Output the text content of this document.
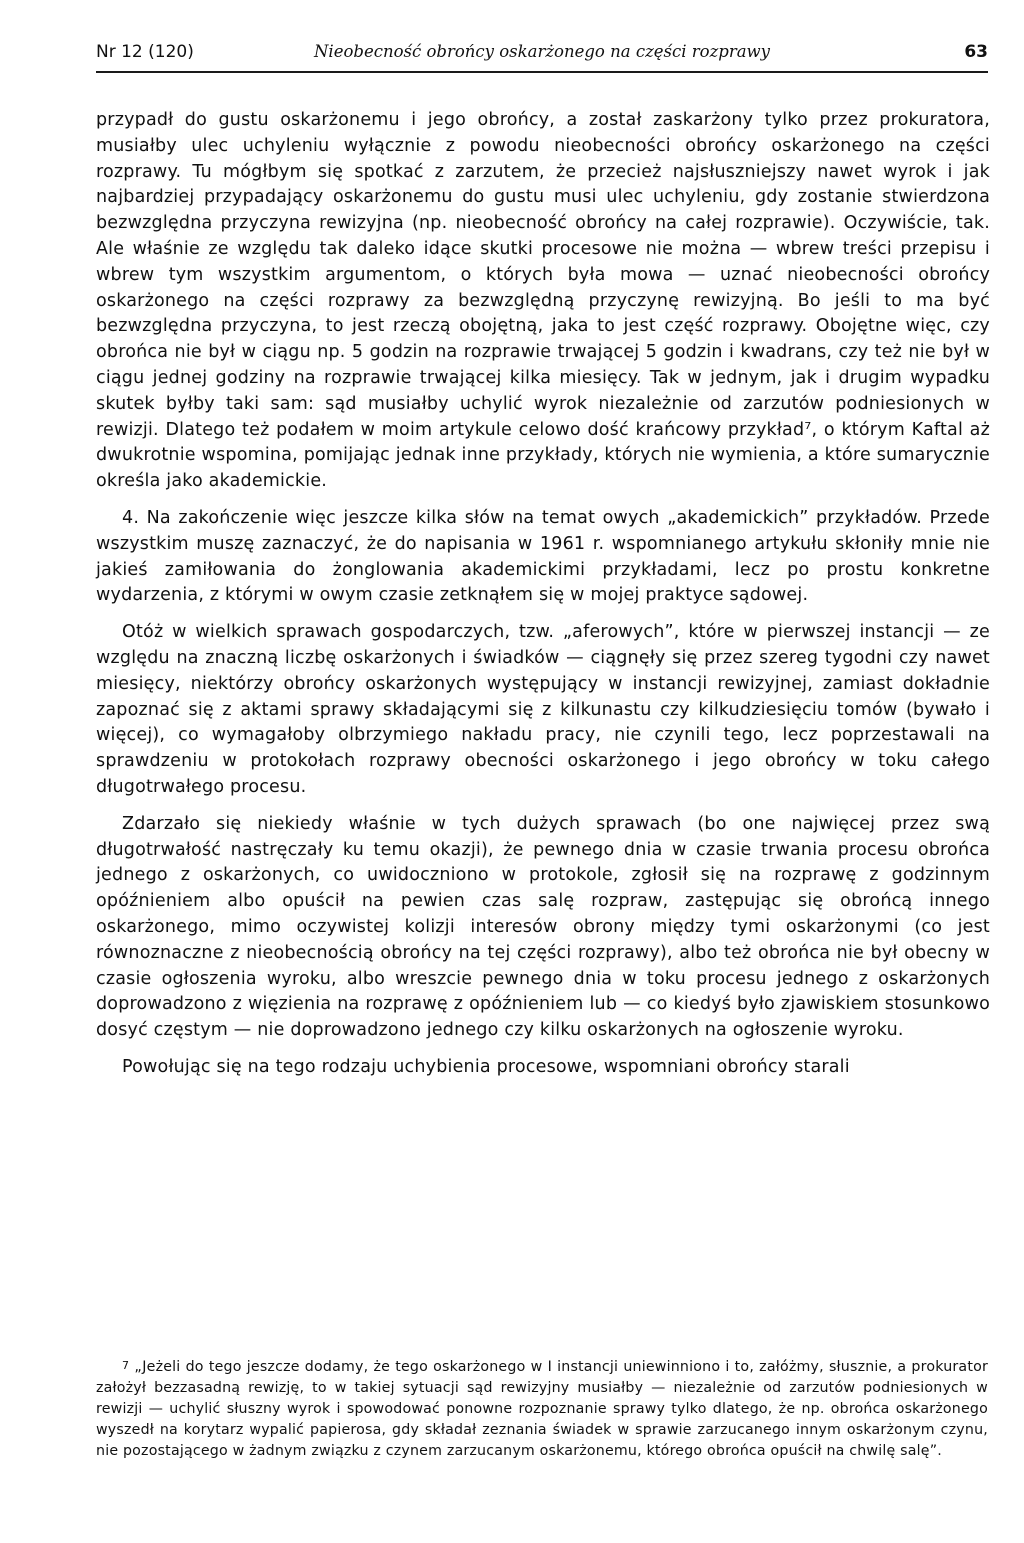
Nr 12 (120)	Nieobecność obrońcy oskarżonego na części rozprawy	63

przypadł do gustu oskarżonemu i jego obrońcy, a został zaskarżony tylko przez prokuratora, musiałby ulec uchyleniu wyłącznie z powodu nieobecności obrońcy oskarżonego na części rozprawy. Tu mógłbym się spotkać z zarzutem, że przecież najsłuszniejszy nawet wyrok i jak najbardziej przypadający oskarżonemu do gustu musi ulec uchyleniu, gdy zostanie stwierdzona bezwzględna przyczyna rewizyjna (np. nieobecność obrońcy na całej rozprawie). Oczywiście, tak. Ale właśnie ze względu tak daleko idące skutki procesowe nie można — wbrew treści przepisu i wbrew tym wszystkim argumentom, o których była mowa — uznać nieobecności obrońcy oskarżonego na części rozprawy za bezwzględną przyczynę rewizyjną. Bo jeśli to ma być bezwzględna przyczyna, to jest rzeczą obojętną, jaka to jest część rozprawy. Obojętne więc, czy obrońca nie był w ciągu np. 5 godzin na rozprawie trwającej 5 godzin i kwadrans, czy też nie był w ciągu jednej godziny na rozprawie trwającej kilka miesięcy. Tak w jednym, jak i drugim wypadku skutek byłby taki sam: sąd musiałby uchylić wyrok niezależnie od zarzutów podniesionych w rewizji. Dlatego też podałem w moim artykule celowo dość krańcowy przykład⁷, o którym Kaftal aż dwukrotnie wspomina, pomijając jednak inne przykłady, których nie wymienia, a które sumarycznie określa jako akademickie.

4. Na zakończenie więc jeszcze kilka słów na temat owych „akademickich” przykładów. Przede wszystkim muszę zaznaczyć, że do napisania w 1961 r. wspomnianego artykułu skłoniły mnie nie jakieś zamiłowania do żonglowania akademickimi przykładami, lecz po prostu konkretne wydarzenia, z którymi w owym czasie zetknąłem się w mojej praktyce sądowej.

Otóż w wielkich sprawach gospodarczych, tzw. „aferowych”, które w pierwszej instancji — ze względu na znaczną liczbę oskarżonych i świadków — ciągnęły się przez szereg tygodni czy nawet miesięcy, niektórzy obrońcy oskarżonych występujący w instancji rewizyjnej, zamiast dokładnie zapoznać się z aktami sprawy składającymi się z kilkunastu czy kilkudziesięciu tomów (bywało i więcej), co wymagałoby olbrzymiego nakładu pracy, nie czynili tego, lecz poprzestawali na sprawdzeniu w protokołach rozprawy obecności oskarżonego i jego obrońcy w toku całego długotrwałego procesu.

Zdarzało się niekiedy właśnie w tych dużych sprawach (bo one najwięcej przez swą długotrwałość nastręczały ku temu okazji), że pewnego dnia w czasie trwania procesu obrońca jednego z oskarżonych, co uwidoczniono w protokole, zgłosił się na rozprawę z godzinnym opóźnieniem albo opuścił na pewien czas salę rozpraw, zastępując się obrońcą innego oskarżonego, mimo oczywistej kolizji interesów obrony między tymi oskarżonymi (co jest równoznaczne z nieobecnością obrońcy na tej części rozprawy), albo też obrońca nie był obecny w czasie ogłoszenia wyroku, albo wreszcie pewnego dnia w toku procesu jednego z oskarżonych doprowadzono z więzienia na rozprawę z opóźnieniem lub — co kiedyś było zjawiskiem stosunkowo dosyć częstym — nie doprowadzono jednego czy kilku oskarżonych na ogłoszenie wyroku.

Powołując się na tego rodzaju uchybienia procesowe, wspomniani obrońcy starali

7 „Jeżeli do tego jeszcze dodamy, że tego oskarżonego w I instancji uniewinniono i to, załóżmy, słusznie, a prokurator założył bezzasadną rewizję, to w takiej sytuacji sąd rewizyjny musiałby — niezależnie od zarzutów podniesionych w rewizji — uchylić słuszny wyrok i spowodować ponowne rozpoznanie sprawy tylko dlatego, że np. obrońca oskarżonego wyszedł na korytarz wypalić papierosa, gdy składał zeznania świadek w sprawie zarzucanego innym oskarżonym czynu, nie pozostającego w żadnym związku z czynem zarzucanym oskarżonemu, którego obrońca opuścił na chwilę salę”.
